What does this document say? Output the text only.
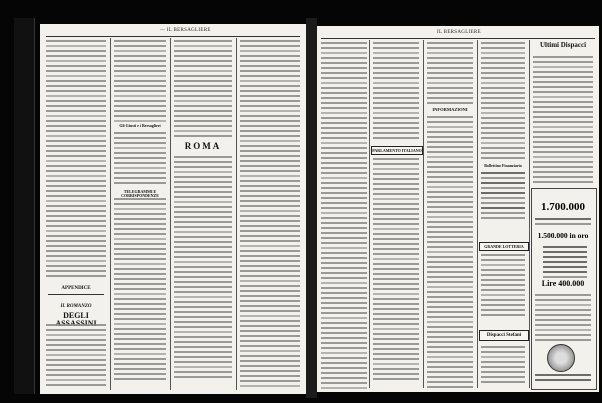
— IL BERSAGLIERE
APPENDICE
IL ROMANZO
DEGLI
Gli Giusti e i Bersaglieri
TELEGRAMMI E CORRISPONDENZE
ROMA
IL BERSAGLIERE
PARLAMENTO ITALIANO
INFORMAZIONI
Bollettino Finanziario
GRANDE LOTTERIA
Dispacci Stefani
Ultimi Dispacci
1.700.000
1.500.000 in oro
Lire 400.000
